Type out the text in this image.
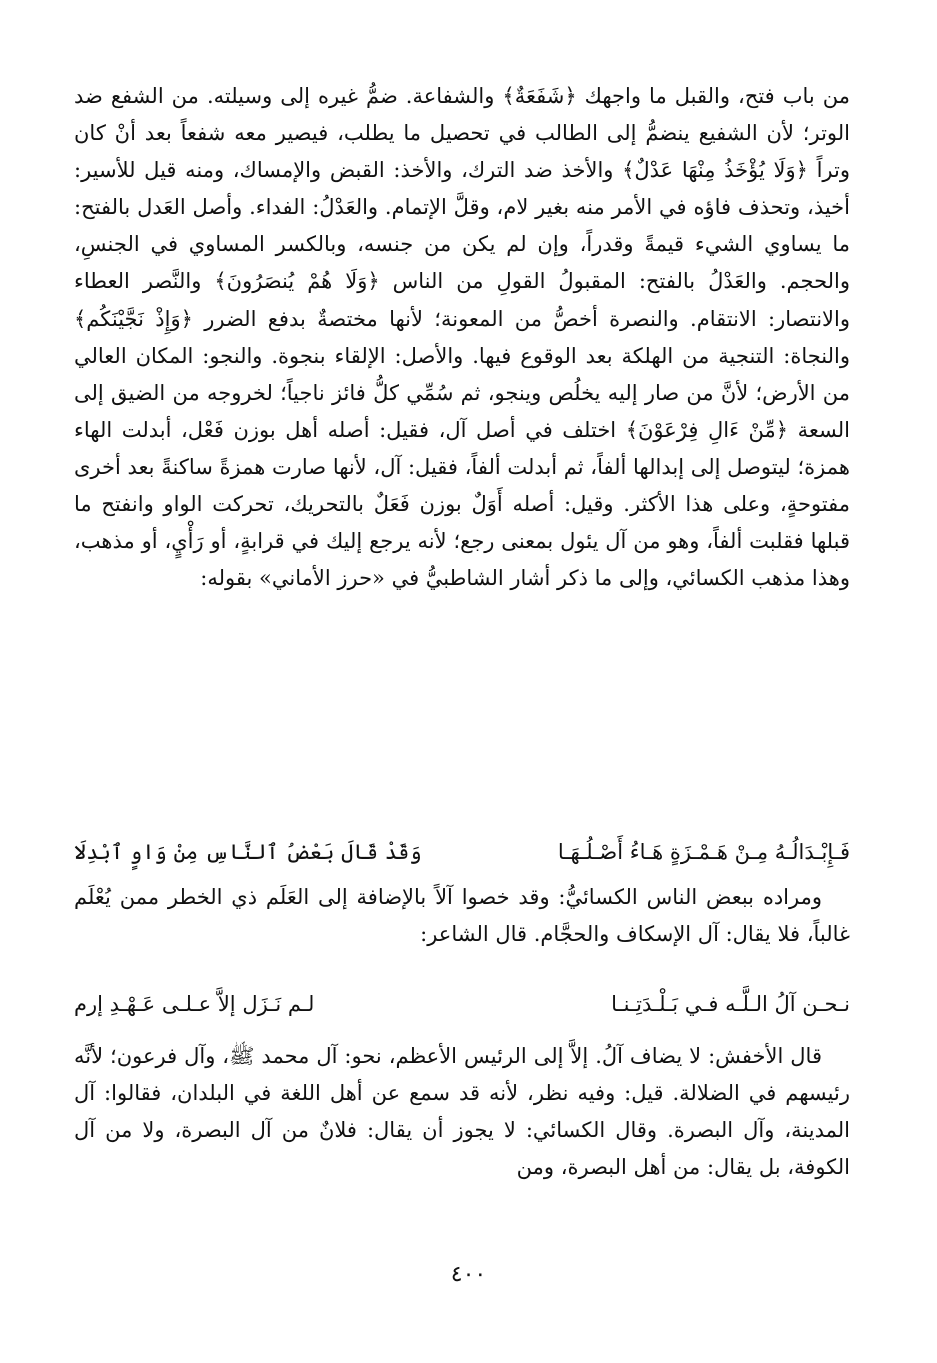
من باب فتح، والقبل ما واجهك ﴿شَفَعَةٌ﴾ والشفاعة. ضمُّ غيره إلى وسيلته. من الشفع ضد الوتر؛ لأن الشفيع ينضمُّ إلى الطالب في تحصيل ما يطلب، فيصير معه شفعاً بعد أنْ كان وتراً ﴿وَلَا يُؤْخَذُ مِنْهَا عَدْلٌ﴾ والأخذ ضد الترك، والأخذ: القبض والإمساك، ومنه قيل للأسير: أخيذ، وتحذف فاؤه في الأمر منه بغير لام، وقلَّ الإتمام. والعَدْلُ: الفداء. وأصل العَدل بالفتح: ما يساوي الشيء قيمةً وقدراً، وإن لم يكن من جنسه، وبالكسر المساوي في الجنسِ، والحجم. والعَدْلُ بالفتح: المقبولُ القولِ من الناس ﴿وَلَا هُمْ يُنصَرُونَ﴾ والنَّصر العطاء والانتصار: الانتقام. والنصرة أخصُّ من المعونة؛ لأنها مختصةٌ بدفع الضرر ﴿وَإِذْ نَجَّيْنَكُم﴾ والنجاة: التنجية من الهلكة بعد الوقوع فيها. والأصل: الإلقاء بنجوة. والنجو: المكان العالي من الأرض؛ لأنَّ من صار إليه يخلُص وينجو، ثم سُمِّي كلُّ فائز ناجياً؛ لخروجه من الضيق إلى السعة ﴿مِّنْ ءَالِ فِرْعَوْنَ﴾ اختلف في أصل آل، فقيل: أصله أهل بوزن فَعْل، أبدلت الهاء همزة؛ ليتوصل إلى إبدالها ألفاً، ثم أبدلت ألفاً، فقيل: آل، لأنها صارت همزةً ساكنةً بعد أخرى مفتوحةٍ، وعلى هذا الأكثر. وقيل: أصله أَوَلٌ بوزن فَعَلٌ بالتحريك، تحركت الواو وانفتح ما قبلها فقلبت ألفاً، وهو من آل يئول بمعنى رجع؛ لأنه يرجع إليك في قرابةٍ، أو رَأْيٍ، أو مذهب، وهذا مذهب الكسائي، وإلى ما ذكر أشار الشاطبيُّ في «حرز الأماني» بقوله:

فَـإِبْـدَالُـهُ مِـنْ هَـمْـزَةٍ هَـاءُ أَصْـلُـهَـا
وَقَدْ قَالَ بَعْضُ ٱلنَّاسِ مِنْ وَاوٍ ٱبْدِلَا

ومراده ببعض الناس الكسائيُّ: وقد خصوا آلاً بالإضافة إلى العَلَم ذي الخطر ممن يُعْلَم غالباً، فلا يقال: آل الإسكاف والحجَّام. قال الشاعر:

نـحـن آلُ الـلَّـه فـي بَـلْـدَتِـنـا
لـم نَـزَل إلاَّ عـلـى عَـهْـدِ إرم

قال الأخفش: لا يضاف آلُ. إلاَّ إلى الرئيس الأعظم، نحو: آل محمد ﷺ، وآل فرعون؛ لأنَّه رئيسهم في الضلالة. قيل: وفيه نظر، لأنه قد سمع عن أهل اللغة في البلدان، فقالوا: آل المدينة، وآل البصرة. وقال الكسائي: لا يجوز أن يقال: فلانٌ من آل البصرة، ولا من آل الكوفة، بل يقال: من أهل البصرة، ومن

٤٠٠
